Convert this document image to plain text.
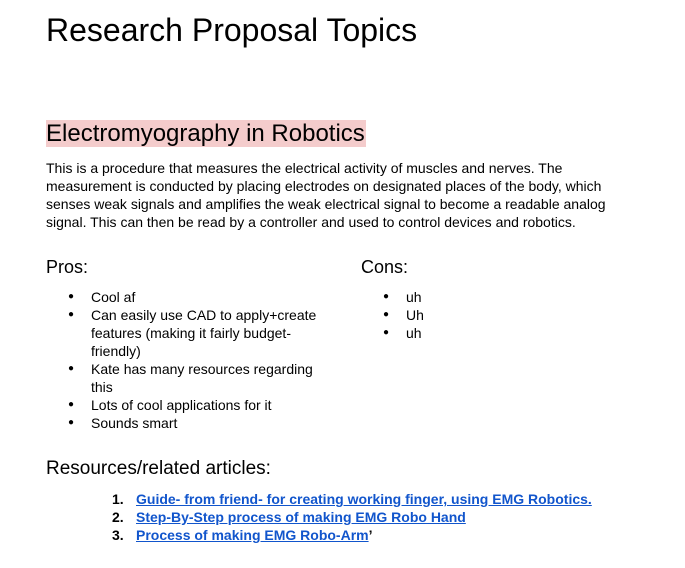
Research Proposal Topics
Electromyography in Robotics

This is a procedure that measures the electrical activity of muscles and nerves. The measurement is conducted by placing electrodes on designated places of the body, which senses weak signals and amplifies the weak electrical signal to become a readable analog signal. This can then be read by a controller and used to control devices and robotics.

Pros:
●	Cool af
●	Can easily use CAD to apply+create features (making it fairly budget-friendly)
●	Kate has many resources regarding this
●	Lots of cool applications for it
●	Sounds smart
Cons:
●	uh
●	Uh
●	uh
Resources/related articles:
1. Guide- from friend- for creating working finger, using EMG Robotics.
2. Step-By-Step process of making EMG Robo Hand
3. Process of making EMG Robo-Arm’
